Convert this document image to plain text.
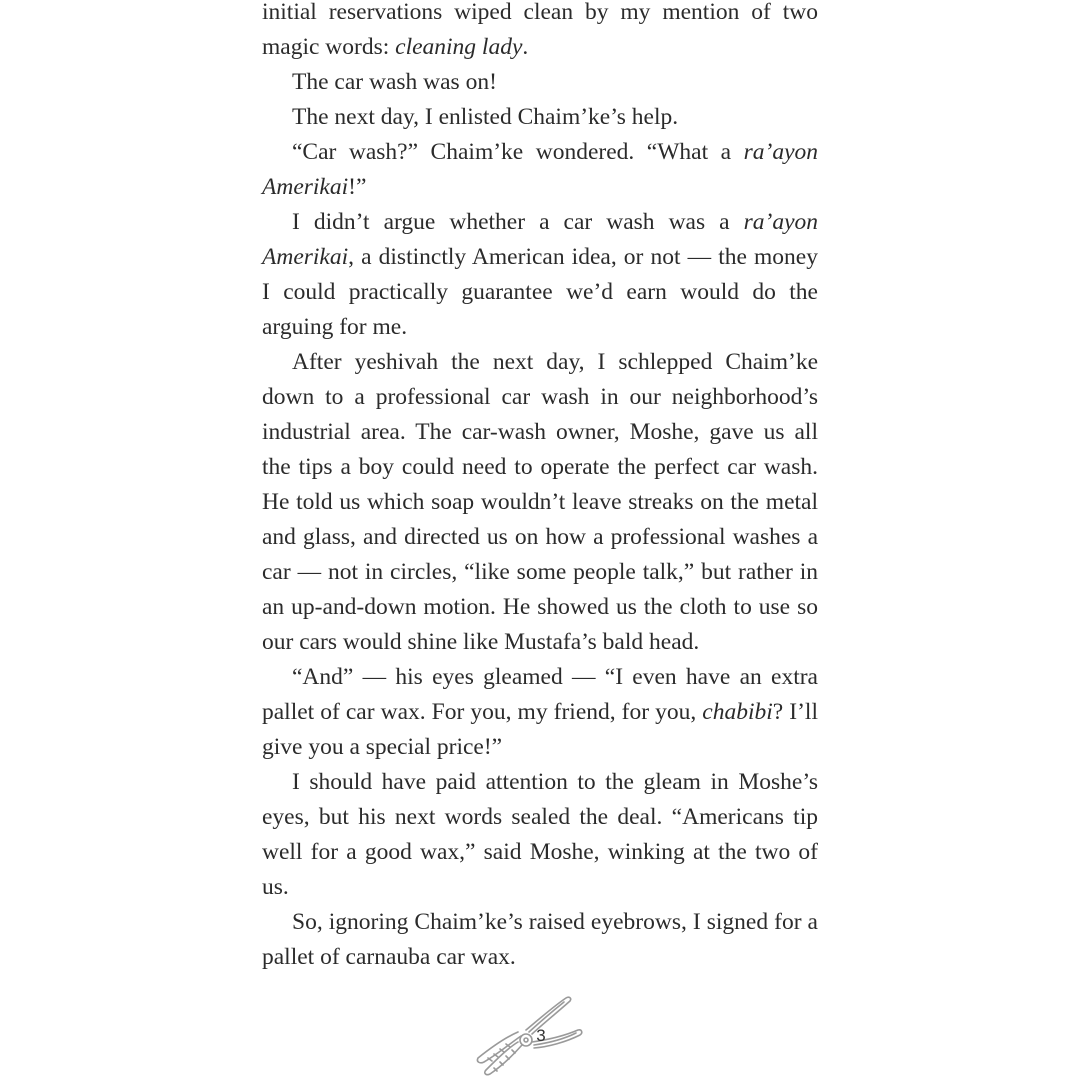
initial reservations wiped clean by my mention of two magic words: cleaning lady.

The car wash was on!

The next day, I enlisted Chaim’ke’s help.

“Car wash?” Chaim’ke wondered. “What a ra’ayon Amerikai!”

I didn’t argue whether a car wash was a ra’ayon Amerikai, a distinctly American idea, or not — the money I could practically guarantee we’d earn would do the arguing for me.

After yeshivah the next day, I schlepped Chaim’ke down to a professional car wash in our neighborhood’s industrial area. The car-wash owner, Moshe, gave us all the tips a boy could need to operate the perfect car wash. He told us which soap wouldn’t leave streaks on the metal and glass, and directed us on how a professional washes a car — not in circles, “like some people talk,” but rather in an up-and-down motion. He showed us the cloth to use so our cars would shine like Mustafa’s bald head.

“And” — his eyes gleamed — “I even have an extra pallet of car wax. For you, my friend, for you, chabibi? I’ll give you a special price!”

I should have paid attention to the gleam in Moshe’s eyes, but his next words sealed the deal. “Americans tip well for a good wax,” said Moshe, winking at the two of us.

So, ignoring Chaim’ke’s raised eyebrows, I signed for a pallet of carnauba car wax.

3
